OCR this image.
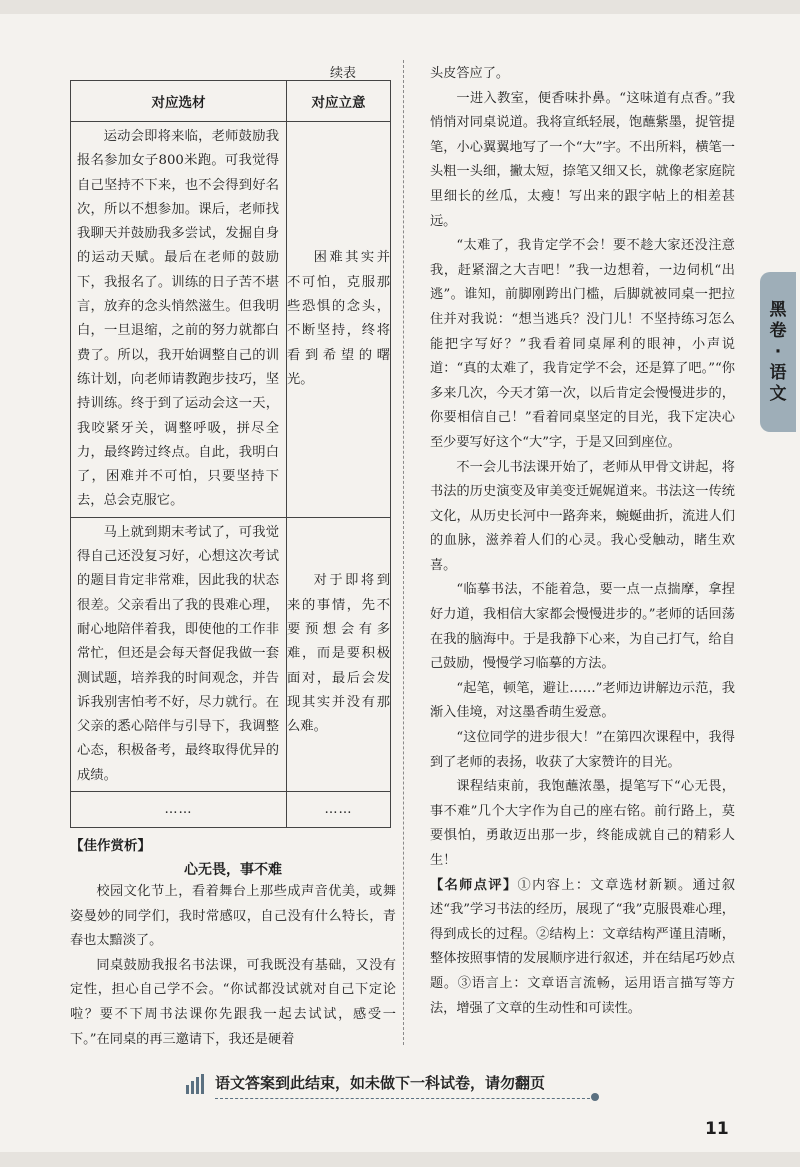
续表
对应选材	对应立意

运动会即将来临，老师鼓励我报名参加女子800米跑。可我觉得自己坚持不下来，也不会得到好名次，所以不想参加。课后，老师找我聊天并鼓励我多尝试，发掘自身的运动天赋。最后在老师的鼓励下，我报名了。训练的日子苦不堪言，放弃的念头悄然滋生。但我明白，一旦退缩，之前的努力就都白费了。所以，我开始调整自己的训练计划，向老师请教跑步技巧，坚持训练。终于到了运动会这一天，我咬紧牙关，调整呼吸，拼尽全力，最终跨过终点。自此，我明白了，困难并不可怕，只要坚持下去，总会克服它。	困难其实并不可怕，克服那些恐惧的念头，不断坚持，终将看到希望的曙光。

马上就到期末考试了，可我觉得自己还没复习好，心想这次考试的题目肯定非常难，因此我的状态很差。父亲看出了我的畏难心理，耐心地陪伴着我，即使他的工作非常忙，但还是会每天督促我做一套测试题，培养我的时间观念，并告诉我别害怕考不好，尽力就行。在父亲的悉心陪伴与引导下，我调整心态，积极备考，最终取得优异的成绩。	对于即将到来的事情，先不要预想会有多难，而是要积极面对，最后会发现其实并没有那么难。
……	……
【佳作赏析】
心无畏，事不难

校园文化节上，看着舞台上那些成声音优美，或舞姿曼妙的同学们，我时常感叹，自己没有什么特长，青春也太黯淡了。

同桌鼓励我报名书法课，可我既没有基础，又没有定性，担心自己学不会。“你试都没试就对自己下定论啦？要不下周书法课你先跟我一起去试试，感受一下。”在同桌的再三邀请下，我还是硬着

头皮答应了。

一进入教室，便香味扑鼻。“这味道有点香。”我悄悄对同桌说道。我将宣纸轻展，饱蘸紫墨，捉管提笔，小心翼翼地写了一个“大”字。不出所料，横笔一头粗一头细，撇太短，捺笔又细又长，就像老家庭院里细长的丝瓜，太瘦！写出来的跟字帖上的相差甚远。

“太难了，我肯定学不会！要不趁大家还没注意我，赶紧溜之大吉吧！”我一边想着，一边伺机“出逃”。谁知，前脚刚跨出门槛，后脚就被同桌一把拉住并对我说：“想当逃兵？没门儿！不坚持练习怎么能把字写好？”我看着同桌犀利的眼神，小声说道：“真的太难了，我肯定学不会，还是算了吧。”“你多来几次，今天才第一次，以后肯定会慢慢进步的，你要相信自己！”看着同桌坚定的目光，我下定决心至少要写好这个“大”字，于是又回到座位。

不一会儿书法课开始了，老师从甲骨文讲起，将书法的历史演变及审美变迁娓娓道来。书法这一传统文化，从历史长河中一路奔来，蜿蜒曲折，流进人们的血脉，滋养着人们的心灵。我心受触动，睹生欢喜。

“临摹书法，不能着急，要一点一点揣摩，拿捏好力道，我相信大家都会慢慢进步的。”老师的话回荡在我的脑海中。于是我静下心来，为自己打气，给自己鼓励，慢慢学习临摹的方法。

“起笔，顿笔，避让……”老师边讲解边示范，我渐入佳境，对这墨香萌生爱意。

“这位同学的进步很大！”在第四次课程中，我得到了老师的表扬，收获了大家赞许的目光。

课程结束前，我饱蘸浓墨，提笔写下“心无畏，事不难”几个大字作为自己的座右铭。前行路上，莫要惧怕，勇敢迈出那一步，终能成就自己的精彩人生！

【名师点评】①内容上：文章选材新颖。通过叙述“我”学习书法的经历，展现了“我”克服畏难心理，得到成长的过程。②结构上：文章结构严谨且清晰，整体按照事情的发展顺序进行叙述，并在结尾巧妙点题。③语言上：文章语言流畅，运用语言描写等方法，增强了文章的生动性和可读性。

黑
卷
·
语
文
语文答案到此结束，如未做下一科试卷，请勿翻页
11
